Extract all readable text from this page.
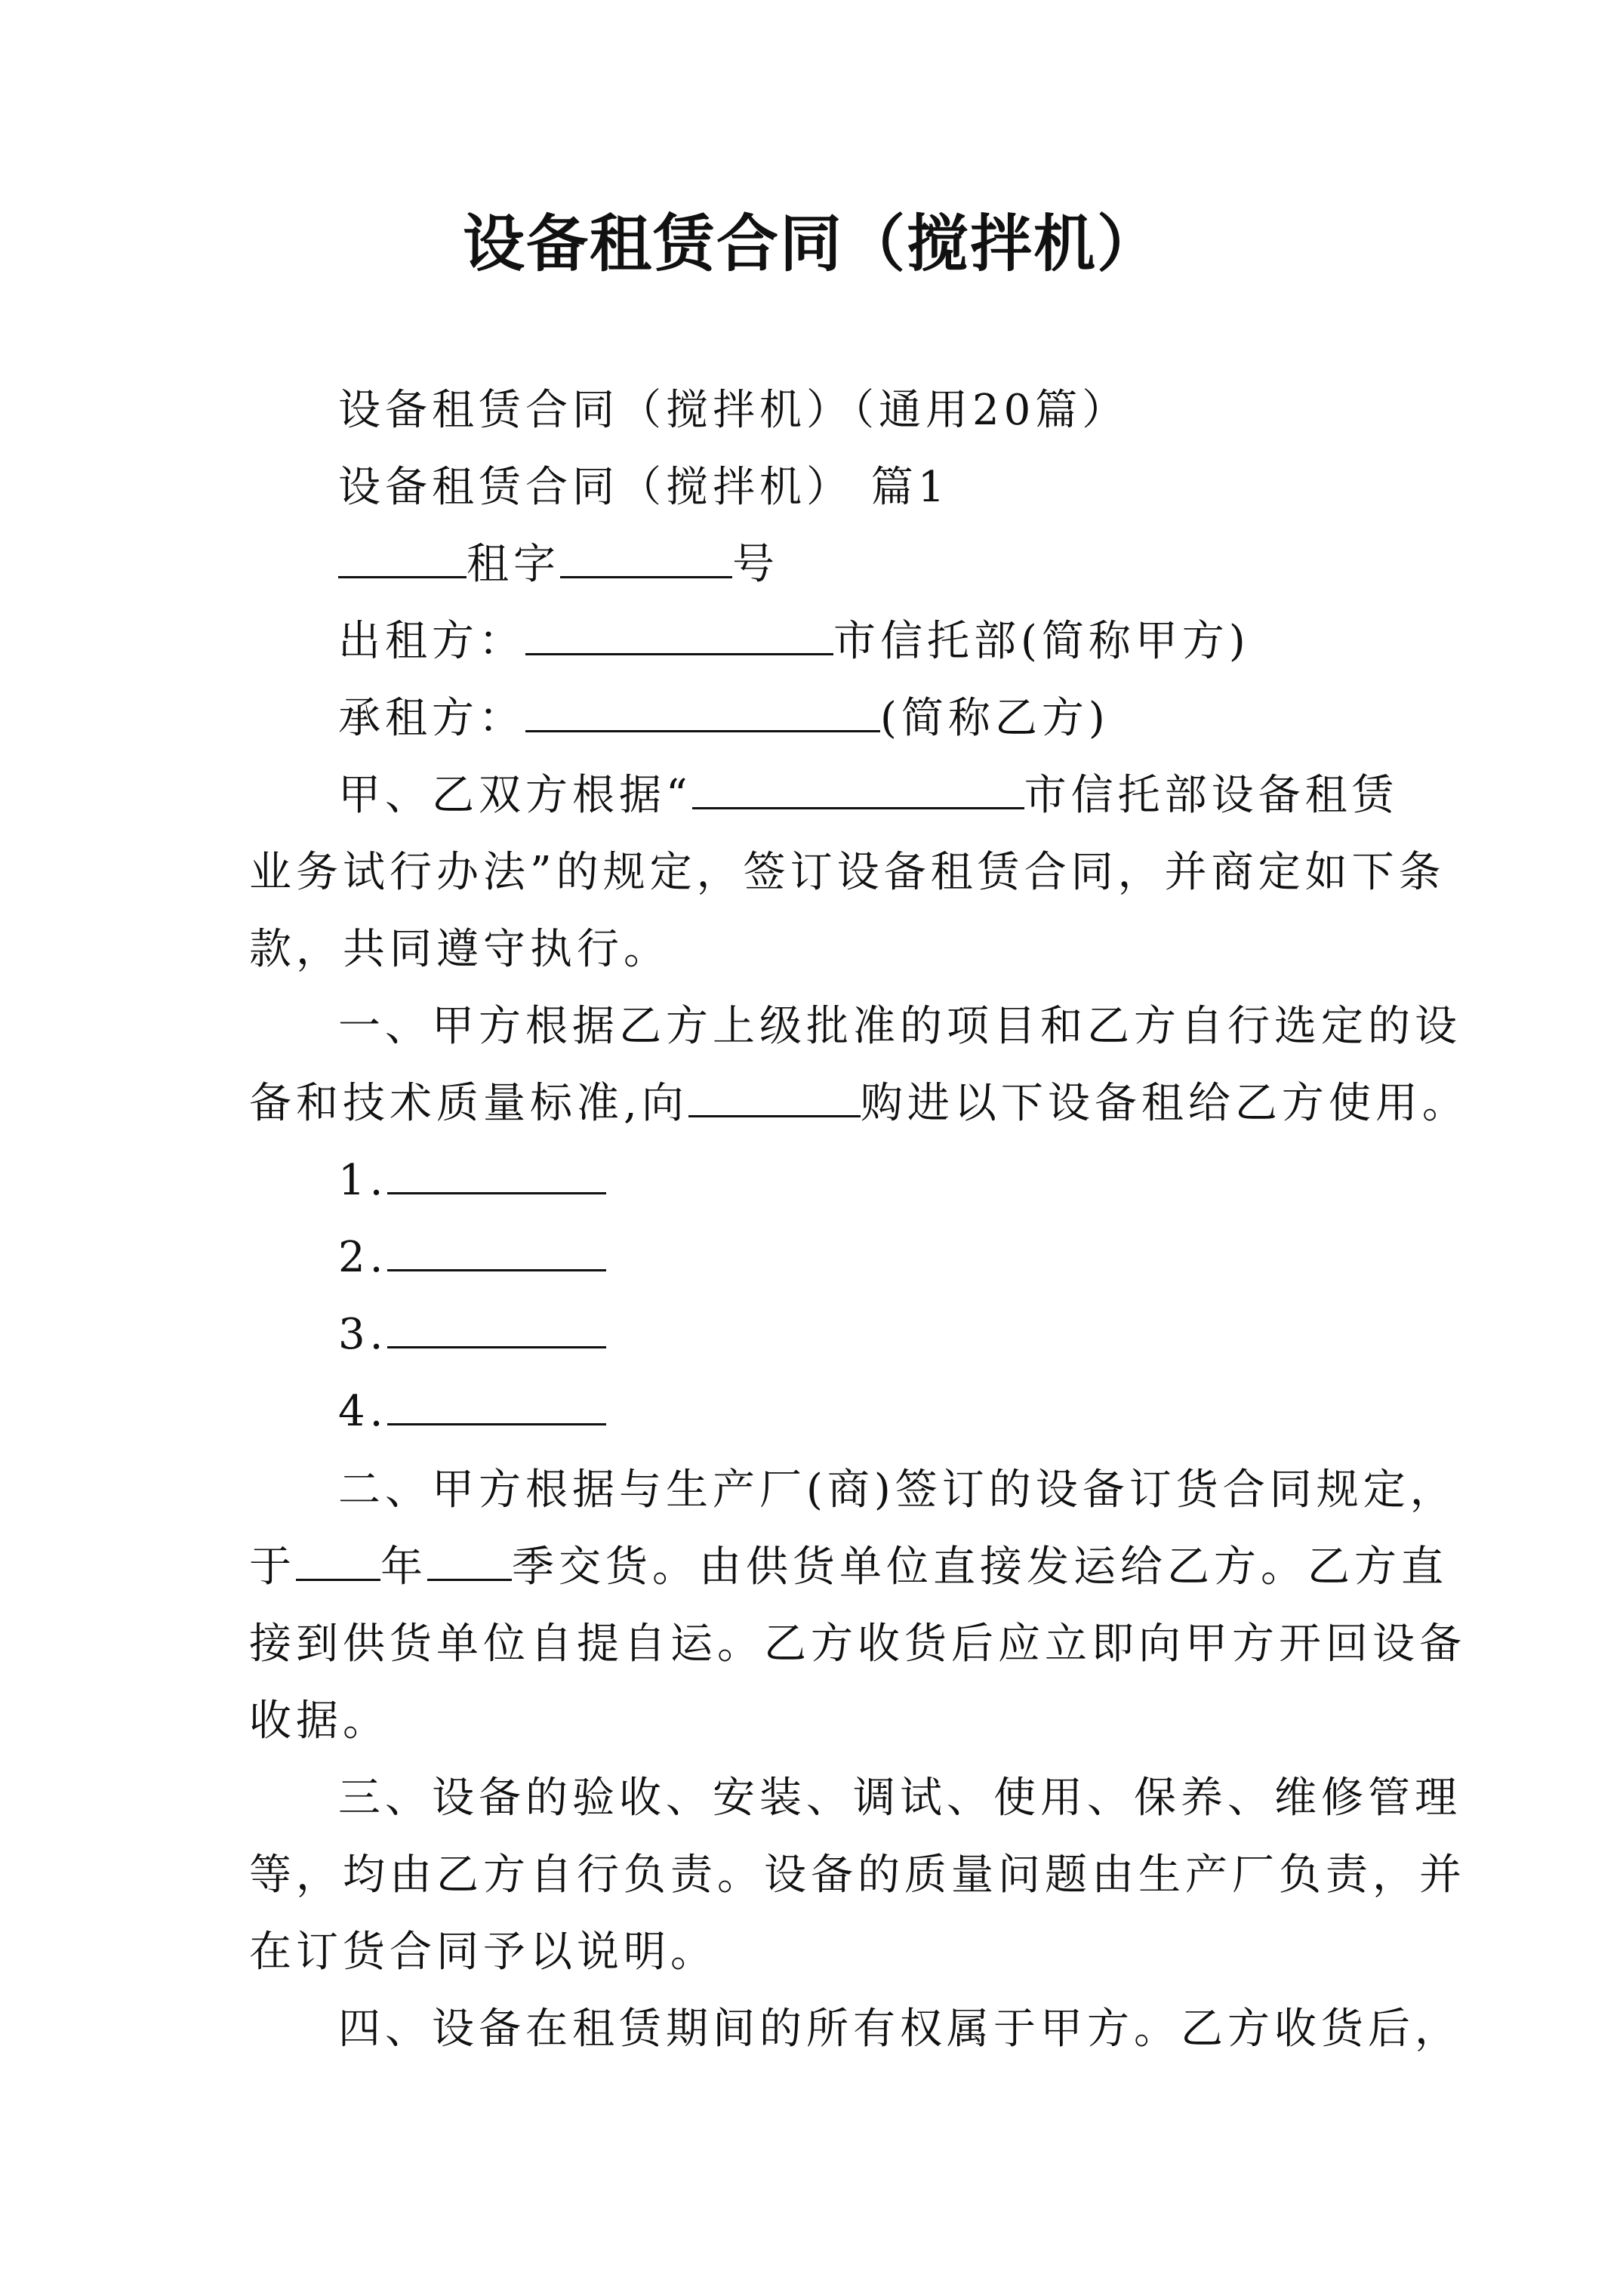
设备租赁合同（搅拌机）
设备租赁合同（搅拌机）（通用20篇）
设备租赁合同（搅拌机） 篇1
租字	号
出租方：	市信托部(简称甲方)
承租方：	(简称乙方)
甲、乙双方根据“	市信托部设备租赁
业务试行办法”的规定，签订设备租赁合同，并商定如下条
款，共同遵守执行。
一、甲方根据乙方上级批准的项目和乙方自行选定的设
备和技术质量标准,向	购进以下设备租给乙方使用。
1.
2.
3.
4.
二、甲方根据与生产厂(商)签订的设备订货合同规定，
于 年 季交货。由供货单位直接发运给乙方。乙方直
接到供货单位自提自运。乙方收货后应立即向甲方开回设备
收据。
三、设备的验收、安装、调试、使用、保养、维修管理
等，均由乙方自行负责。设备的质量问题由生产厂负责，并
在订货合同予以说明。
四、设备在租赁期间的所有权属于甲方。乙方收货后，
